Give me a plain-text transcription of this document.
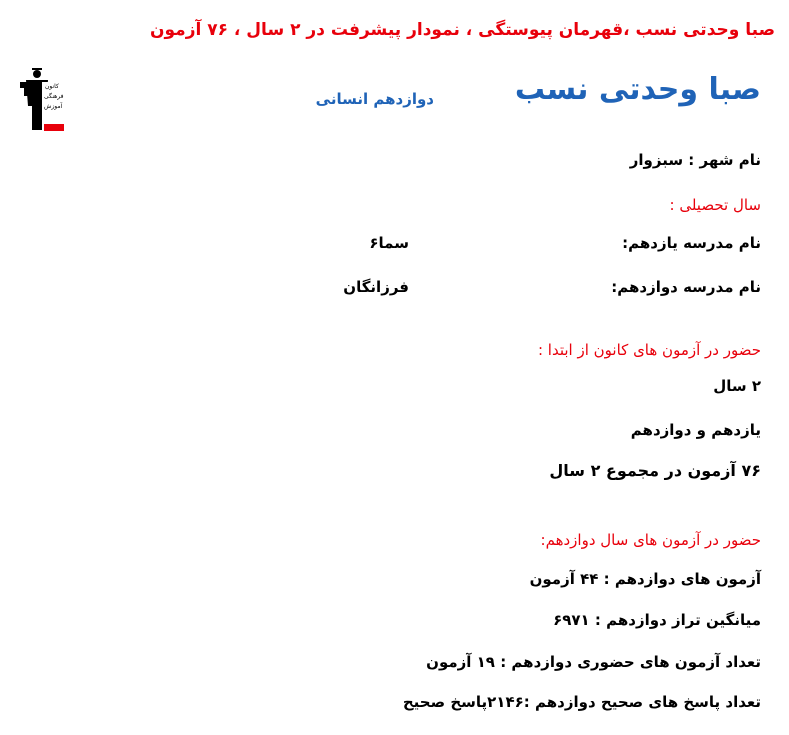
صبا وحدتی نسب ،قهرمان پیوستگی ، نمودار پیشرفت در ۲ سال ، ۷۶ آزمون
صبا وحدتی نسب
دوازدهم انسانی
کانون
فرهنگی
آموزش
قلم‌چی
نام شهر : سبزوار
سال تحصیلی :
نام مدرسه یازدهم:
سما۶
نام مدرسه دوازدهم:
فرزانگان
حضور در آزمون های کانون از ابتدا :
۲ سال
یازدهم و دوازدهم
۷۶ آزمون در مجموع ۲ سال
حضور در آزمون های سال دوازدهم:
آزمون های دوازدهم : ۴۴ آزمون
میانگین تراز دوازدهم : ۶۹۷۱
تعداد آزمون های حضوری دوازدهم : ۱۹ آزمون
تعداد پاسخ های صحیح دوازدهم :۲۱۴۶پاسخ صحیح
